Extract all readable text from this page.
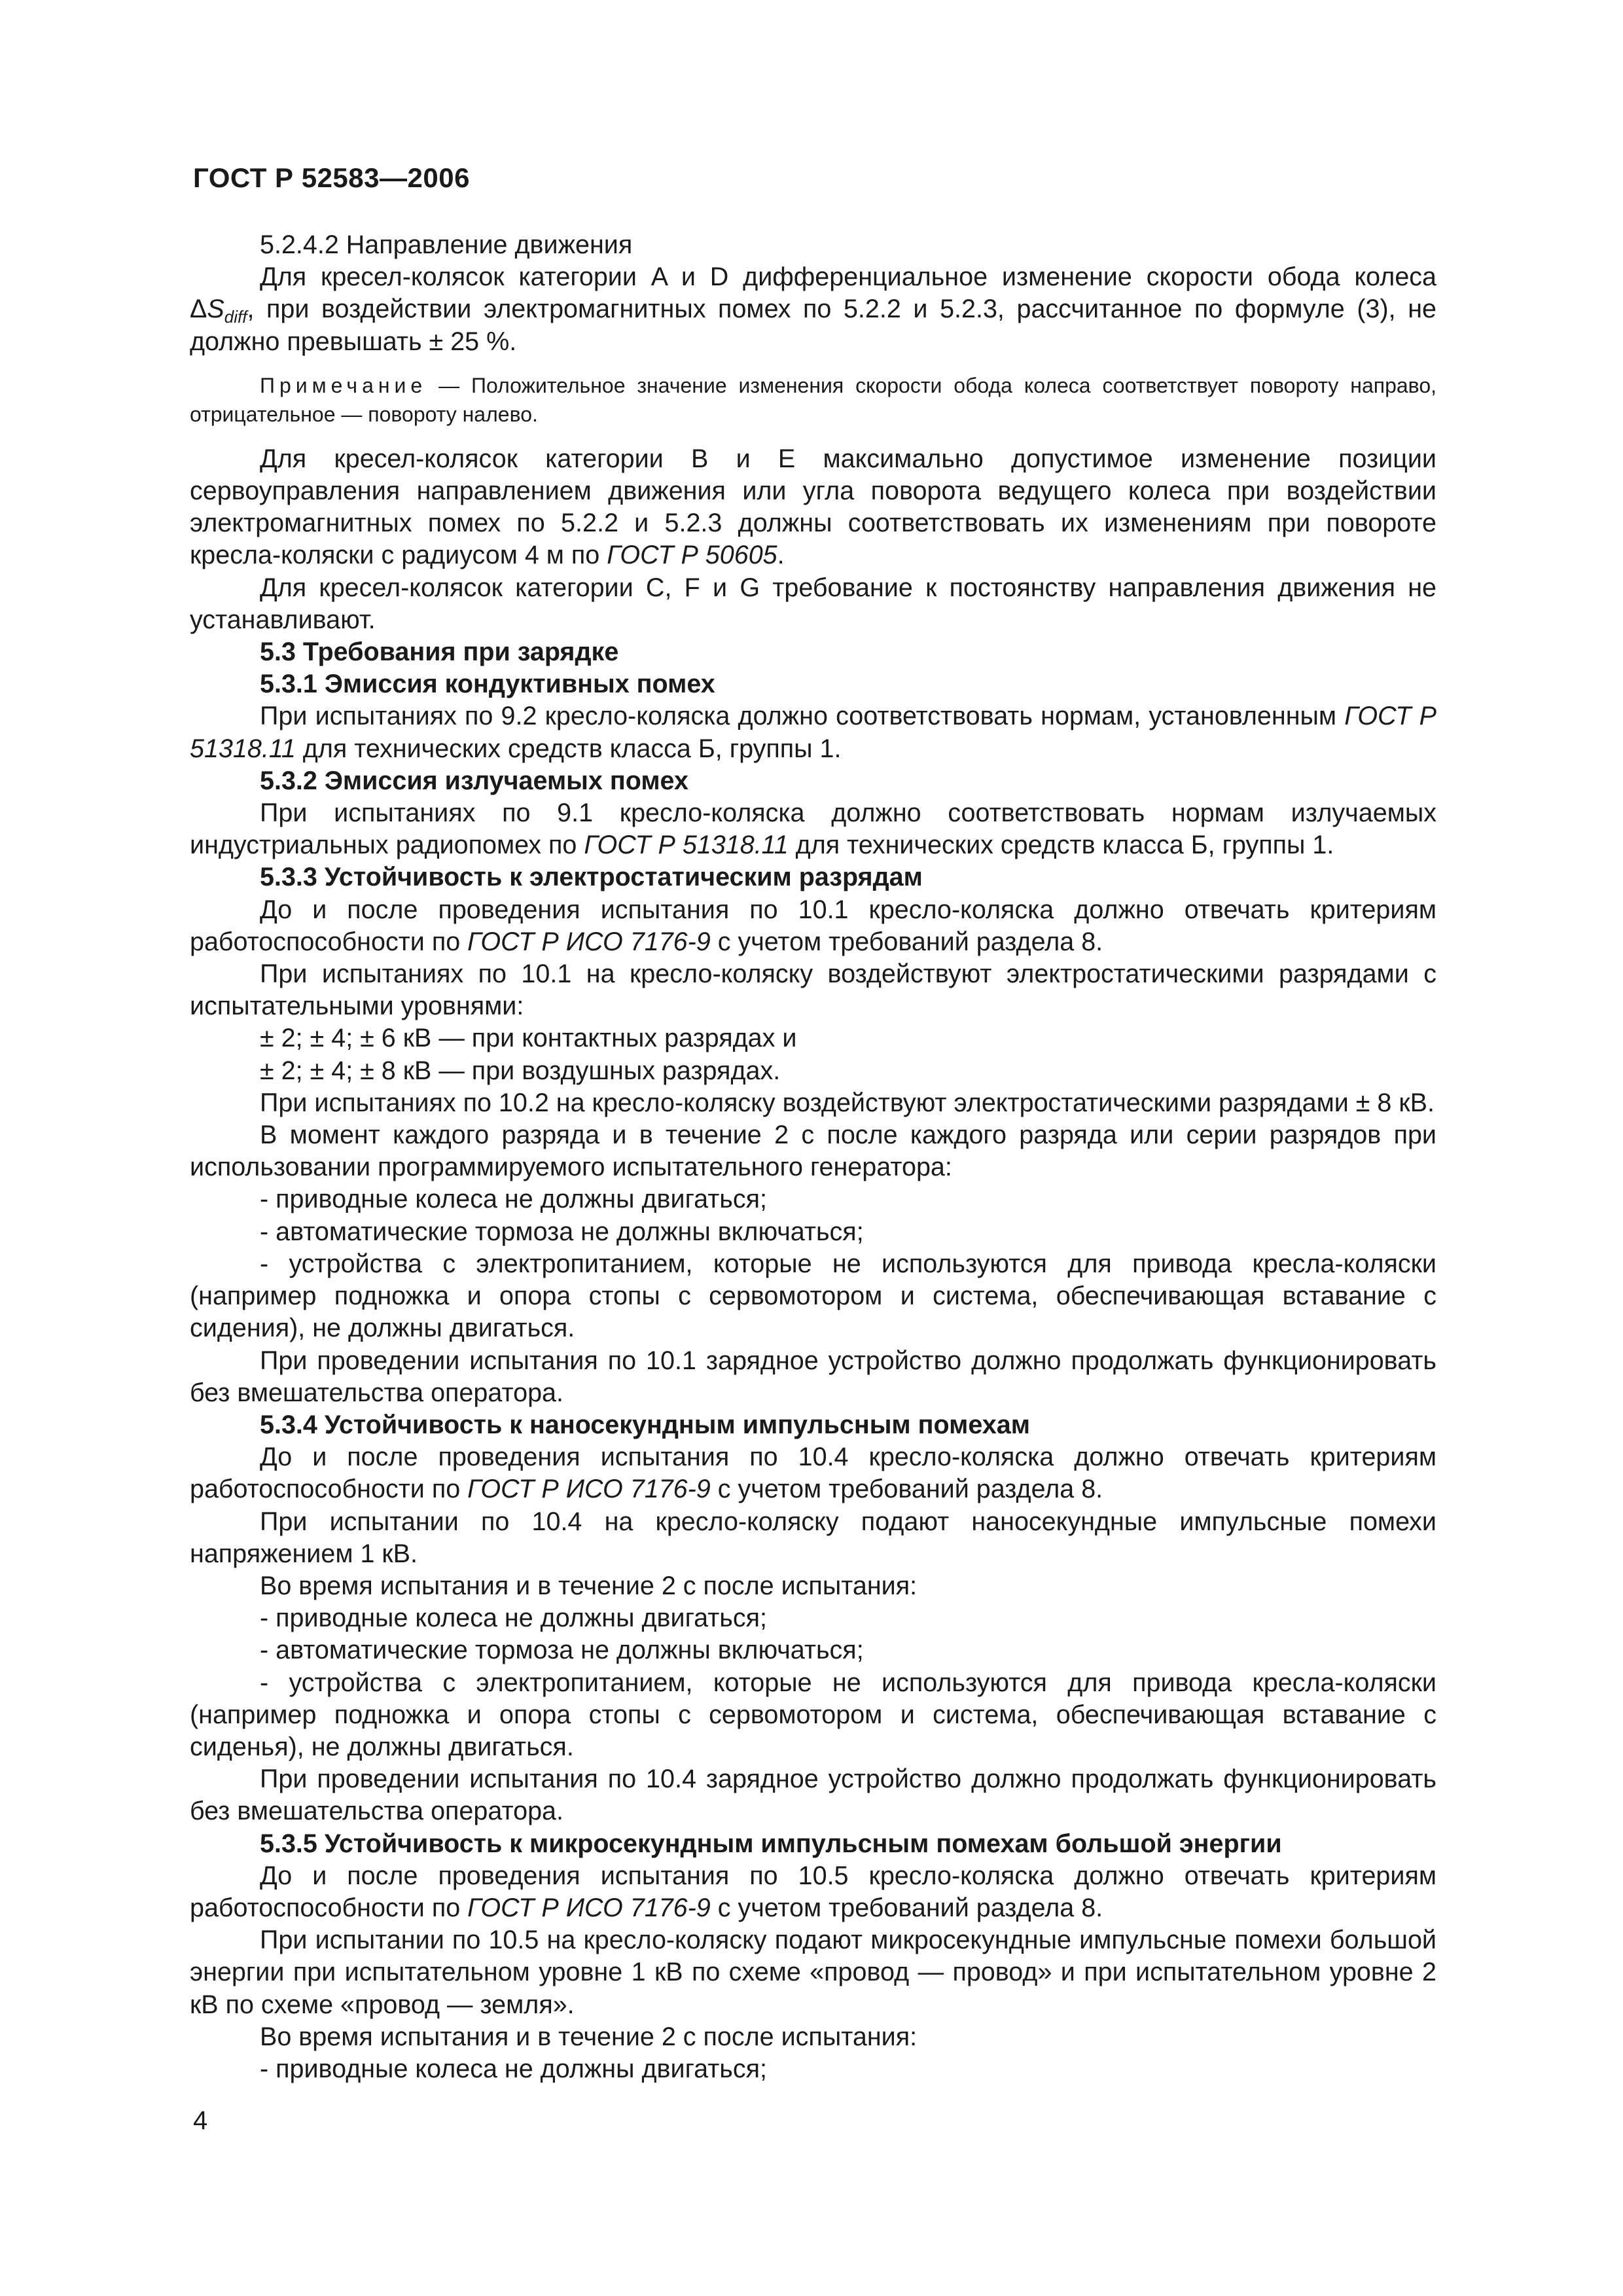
ГОСТ Р 52583—2006

5.2.4.2 Направление движения

Для кресел-колясок категории A и D дифференциальное изменение скорости обода колеса $\Delta S_{diff}$, при воздействии электромагнитных помех по 5.2.2 и 5.2.3, рассчитанное по формуле (3), не должно превышать ± 25 %.

Примечание — Положительное значение изменения скорости обода колеса соответствует повороту направо, отрицательное — повороту налево.

Для кресел-колясок категории B и E максимально допустимое изменение позиции сервоуправления направлением движения или угла поворота ведущего колеса при воздействии электромагнитных помех по 5.2.2 и 5.2.3 должны соответствовать их изменениям при повороте кресла-коляски с радиусом 4 м по ГОСТ Р 50605.

Для кресел-колясок категории C, F и G требование к постоянству направления движения не устанавливают.

5.3 Требования при зарядке

5.3.1 Эмиссия кондуктивных помех

При испытаниях по 9.2 кресло-коляска должно соответствовать нормам, установленным ГОСТ Р 51318.11 для технических средств класса Б, группы 1.

5.3.2 Эмиссия излучаемых помех

При испытаниях по 9.1 кресло-коляска должно соответствовать нормам излучаемых индустриальных радиопомех по ГОСТ Р 51318.11 для технических средств класса Б, группы 1.

5.3.3 Устойчивость к электростатическим разрядам

До и после проведения испытания по 10.1 кресло-коляска должно отвечать критериям работоспособности по ГОСТ Р ИСО 7176-9 с учетом требований раздела 8.

При испытаниях по 10.1 на кресло-коляску воздействуют электростатическими разрядами с испытательными уровнями:

± 2; ± 4; ± 6 кВ — при контактных разрядах и

± 2; ± 4; ± 8 кВ — при воздушных разрядах.

При испытаниях по 10.2 на кресло-коляску воздействуют электростатическими разрядами ± 8 кВ.

В момент каждого разряда и в течение 2 с после каждого разряда или серии разрядов при использовании программируемого испытательного генератора:

- приводные колеса не должны двигаться;

- автоматические тормоза не должны включаться;

- устройства с электропитанием, которые не используются для привода кресла-коляски (например подножка и опора стопы с сервомотором и система, обеспечивающая вставание с сидения), не должны двигаться.

При проведении испытания по 10.1 зарядное устройство должно продолжать функционировать без вмешательства оператора.

5.3.4 Устойчивость к наносекундным импульсным помехам

До и после проведения испытания по 10.4 кресло-коляска должно отвечать критериям работоспособности по ГОСТ Р ИСО 7176-9 с учетом требований раздела 8.

При испытании по 10.4 на кресло-коляску подают наносекундные импульсные помехи напряжением 1 кВ.

Во время испытания и в течение 2 с после испытания:

- приводные колеса не должны двигаться;

- автоматические тормоза не должны включаться;

- устройства с электропитанием, которые не используются для привода кресла-коляски (например подножка и опора стопы с сервомотором и система, обеспечивающая вставание с сиденья), не должны двигаться.

При проведении испытания по 10.4 зарядное устройство должно продолжать функционировать без вмешательства оператора.

5.3.5 Устойчивость к микросекундным импульсным помехам большой энергии

До и после проведения испытания по 10.5 кресло-коляска должно отвечать критериям работоспособности по ГОСТ Р ИСО 7176-9 с учетом требований раздела 8.

При испытании по 10.5 на кресло-коляску подают микросекундные импульсные помехи большой энергии при испытательном уровне 1 кВ по схеме «провод — провод» и при испытательном уровне 2 кВ по схеме «провод — земля».

Во время испытания и в течение 2 с после испытания:

- приводные колеса не должны двигаться;

4
